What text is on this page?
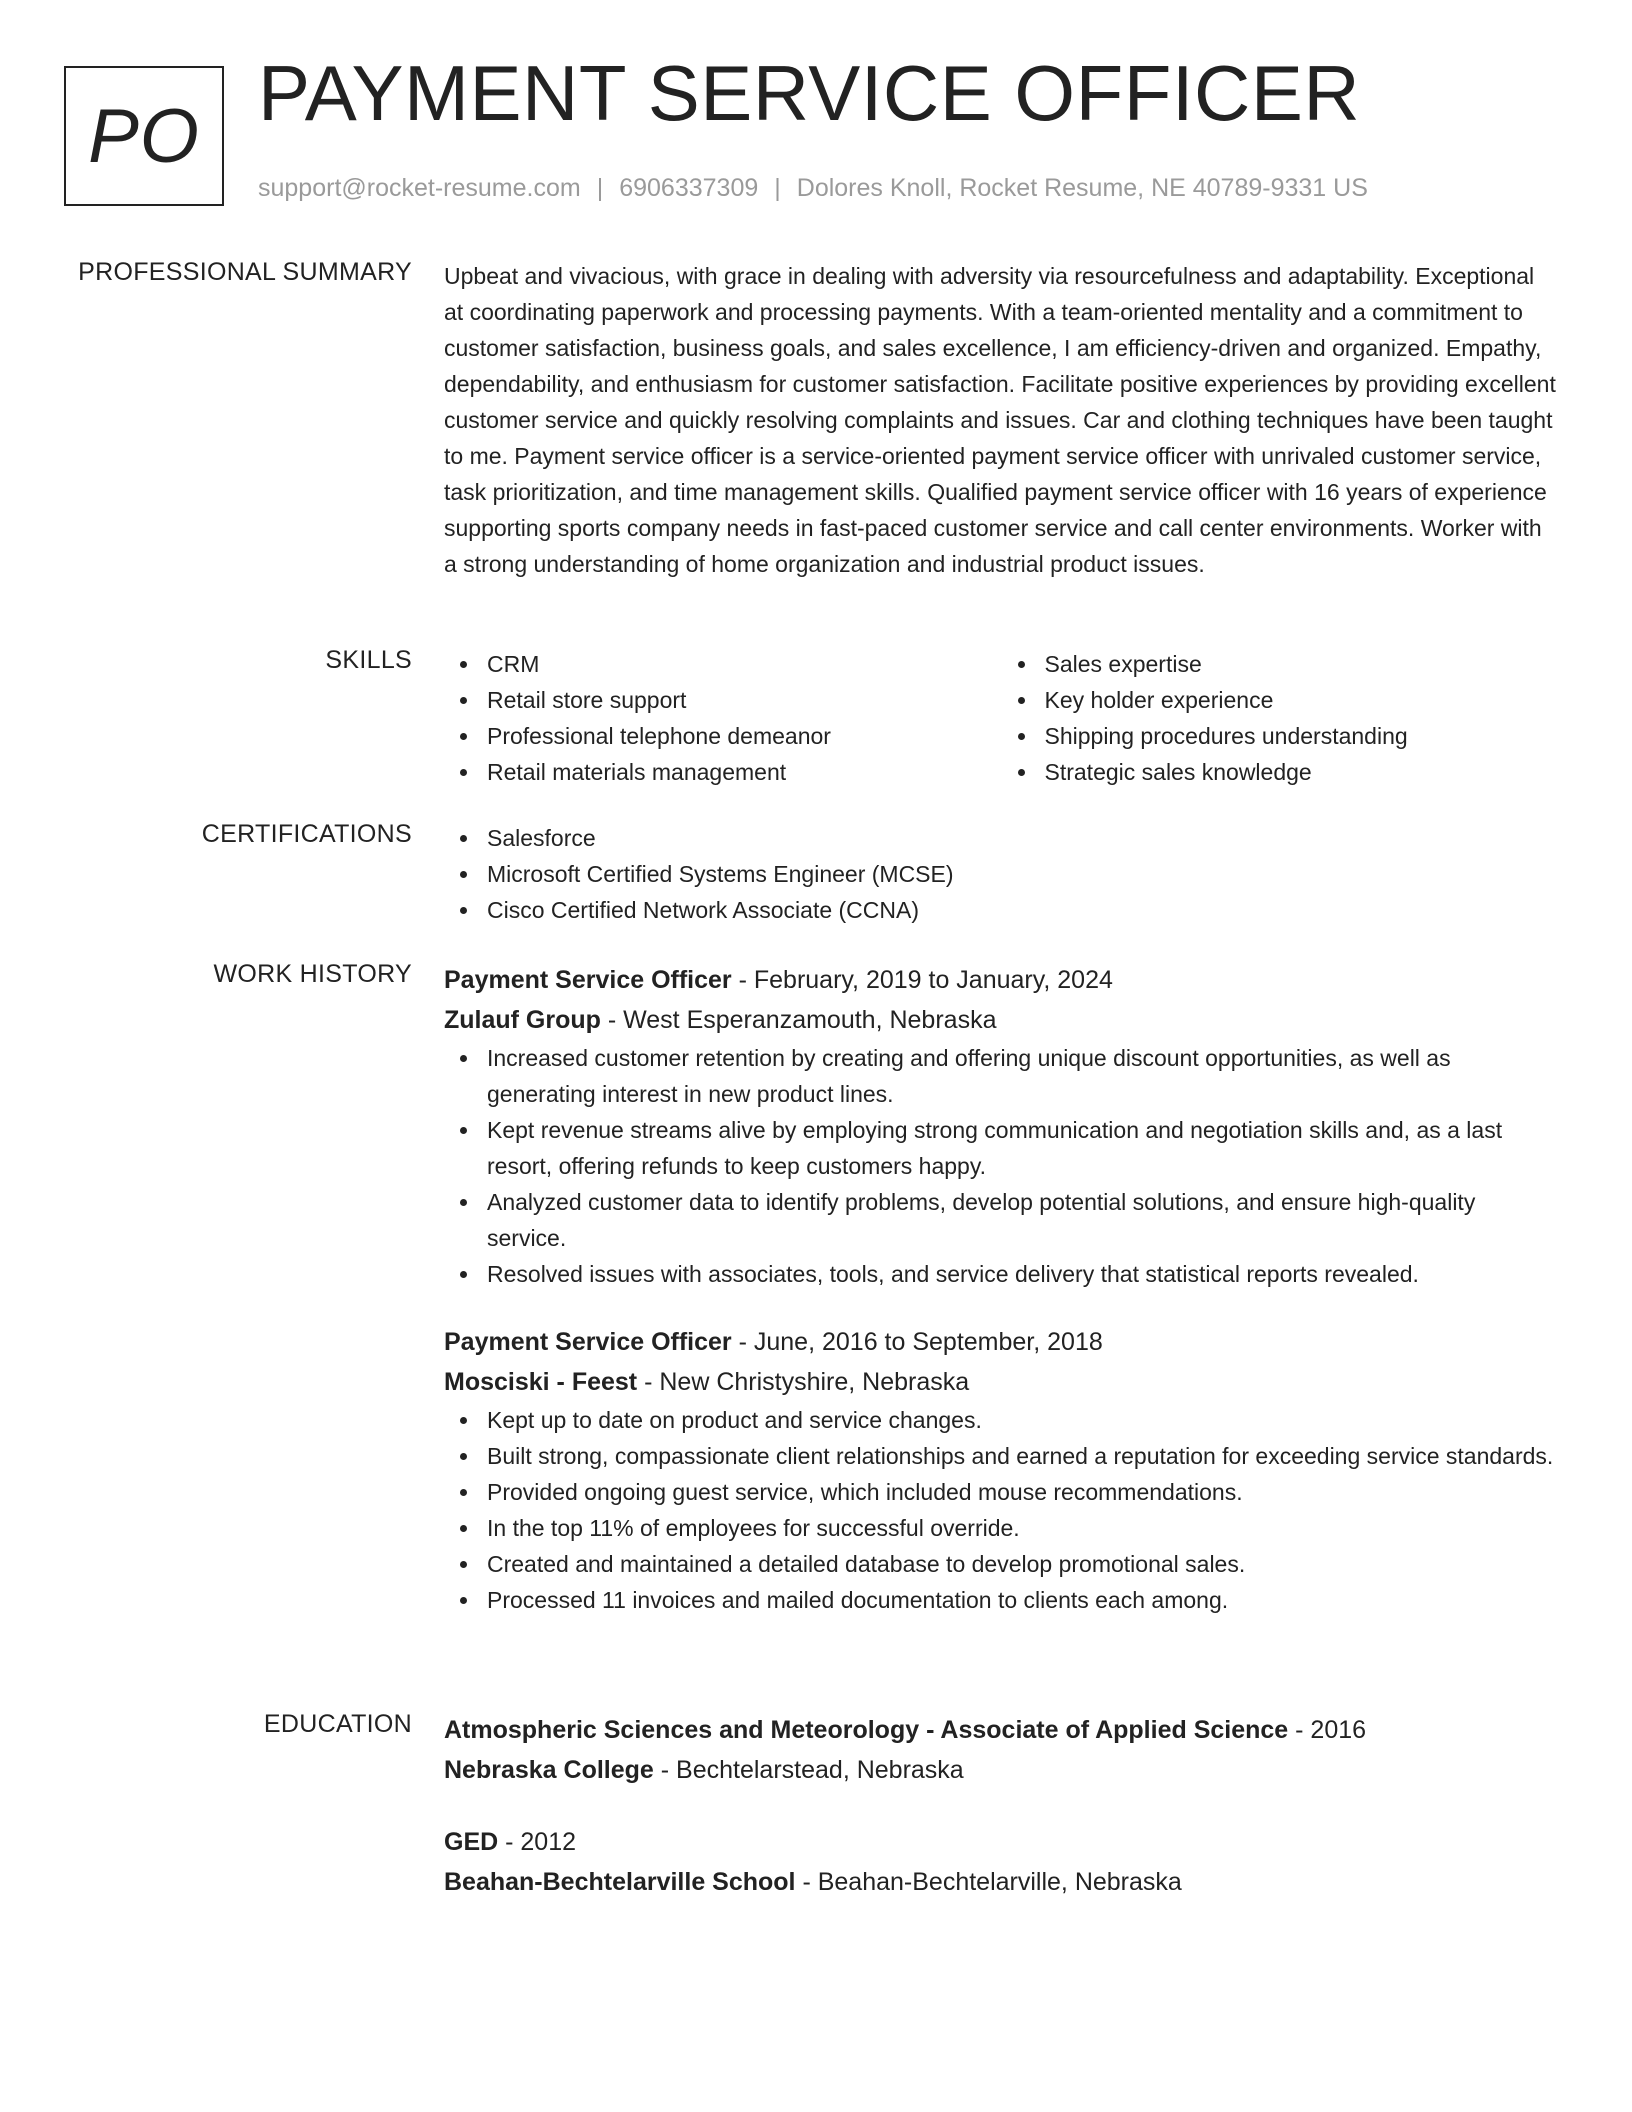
PO PAYMENT SERVICE OFFICER
support@rocket-resume.com | 6906337309 | Dolores Knoll, Rocket Resume, NE 40789-9331 US
PROFESSIONAL SUMMARY Upbeat and vivacious, with grace in dealing with adversity via resourcefulness and adaptability. Exceptional at coordinating paperwork and processing payments. With a team-oriented mentality and a commitment to customer satisfaction, business goals, and sales excellence, I am efficiency-driven and organized. Empathy, dependability, and enthusiasm for customer satisfaction. Facilitate positive experiences by providing excellent customer service and quickly resolving complaints and issues. Car and clothing techniques have been taught to me. Payment service officer is a service-oriented payment service officer with unrivaled customer service, task prioritization, and time management skills. Qualified payment service officer with 16 years of experience supporting sports company needs in fast-paced customer service and call center environments. Worker with a strong understanding of home organization and industrial product issues.

SKILLS	CRM
Retail store support
Professional telephone demeanor
Retail materials management
Sales expertise
Key holder experience
Shipping procedures understanding
Strategic sales knowledge
CERTIFICATIONS	Salesforce
Microsoft Certified Systems Engineer (MCSE)
Cisco Certified Network Associate (CCNA)
WORK HISTORY Payment Service Officer - February, 2019 to January, 2024
Zulauf Group - West Esperanzamouth, Nebraska
Increased customer retention by creating and offering unique discount opportunities, as well as generating interest in new product lines.
Kept revenue streams alive by employing strong communication and negotiation skills and, as a last resort, offering refunds to keep customers happy.
Analyzed customer data to identify problems, develop potential solutions, and ensure high-quality service.
Resolved issues with associates, tools, and service delivery that statistical reports revealed.
Payment Service Officer - June, 2016 to September, 2018
Mosciski - Feest - New Christyshire, Nebraska
Kept up to date on product and service changes.
Built strong, compassionate client relationships and earned a reputation for exceeding service standards.
Provided ongoing guest service, which included mouse recommendations.
In the top 11% of employees for successful override.
Created and maintained a detailed database to develop promotional sales.
Processed 11 invoices and mailed documentation to clients each among.
EDUCATION Atmospheric Sciences and Meteorology - Associate of Applied Science - 2016
Nebraska College - Bechtelarstead, Nebraska
GED - 2012
Beahan-Bechtelarville School - Beahan-Bechtelarville, Nebraska
